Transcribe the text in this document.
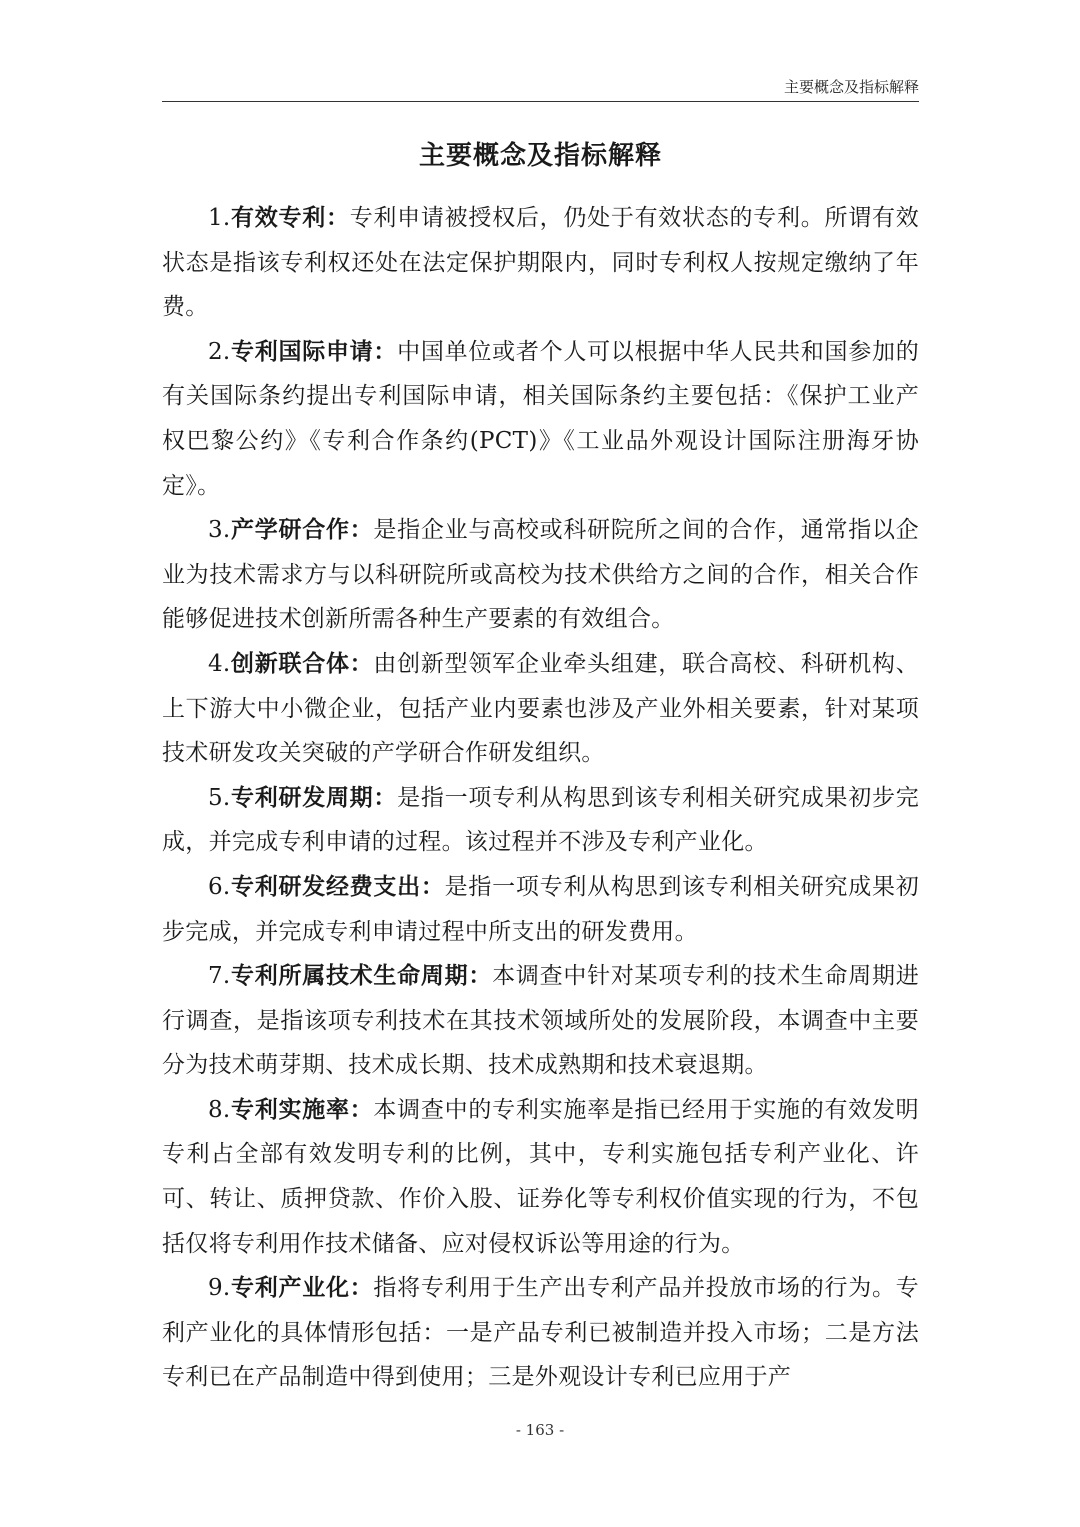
主要概念及指标解释
主要概念及指标解释

1.有效专利：专利申请被授权后，仍处于有效状态的专利。所谓有效状态是指该专利权还处在法定保护期限内，同时专利权人按规定缴纳了年费。

2.专利国际申请：中国单位或者个人可以根据中华人民共和国参加的有关国际条约提出专利国际申请，相关国际条约主要包括：《保护工业产权巴黎公约》《专利合作条约(PCT)》《工业品外观设计国际注册海牙协定》。

3.产学研合作：是指企业与高校或科研院所之间的合作，通常指以企业为技术需求方与以科研院所或高校为技术供给方之间的合作，相关合作能够促进技术创新所需各种生产要素的有效组合。

4.创新联合体：由创新型领军企业牵头组建，联合高校、科研机构、上下游大中小微企业，包括产业内要素也涉及产业外相关要素，针对某项技术研发攻关突破的产学研合作研发组织。

5.专利研发周期：是指一项专利从构思到该专利相关研究成果初步完成，并完成专利申请的过程。该过程并不涉及专利产业化。

6.专利研发经费支出：是指一项专利从构思到该专利相关研究成果初步完成，并完成专利申请过程中所支出的研发费用。

7.专利所属技术生命周期：本调查中针对某项专利的技术生命周期进行调查，是指该项专利技术在其技术领域所处的发展阶段，本调查中主要分为技术萌芽期、技术成长期、技术成熟期和技术衰退期。

8.专利实施率：本调查中的专利实施率是指已经用于实施的有效发明专利占全部有效发明专利的比例，其中，专利实施包括专利产业化、许可、转让、质押贷款、作价入股、证券化等专利权价值实现的行为，不包括仅将专利用作技术储备、应对侵权诉讼等用途的行为。

9.专利产业化：指将专利用于生产出专利产品并投放市场的行为。专利产业化的具体情形包括：一是产品专利已被制造并投入市场；二是方法专利已在产品制造中得到使用；三是外观设计专利已应用于产

- 163 -
